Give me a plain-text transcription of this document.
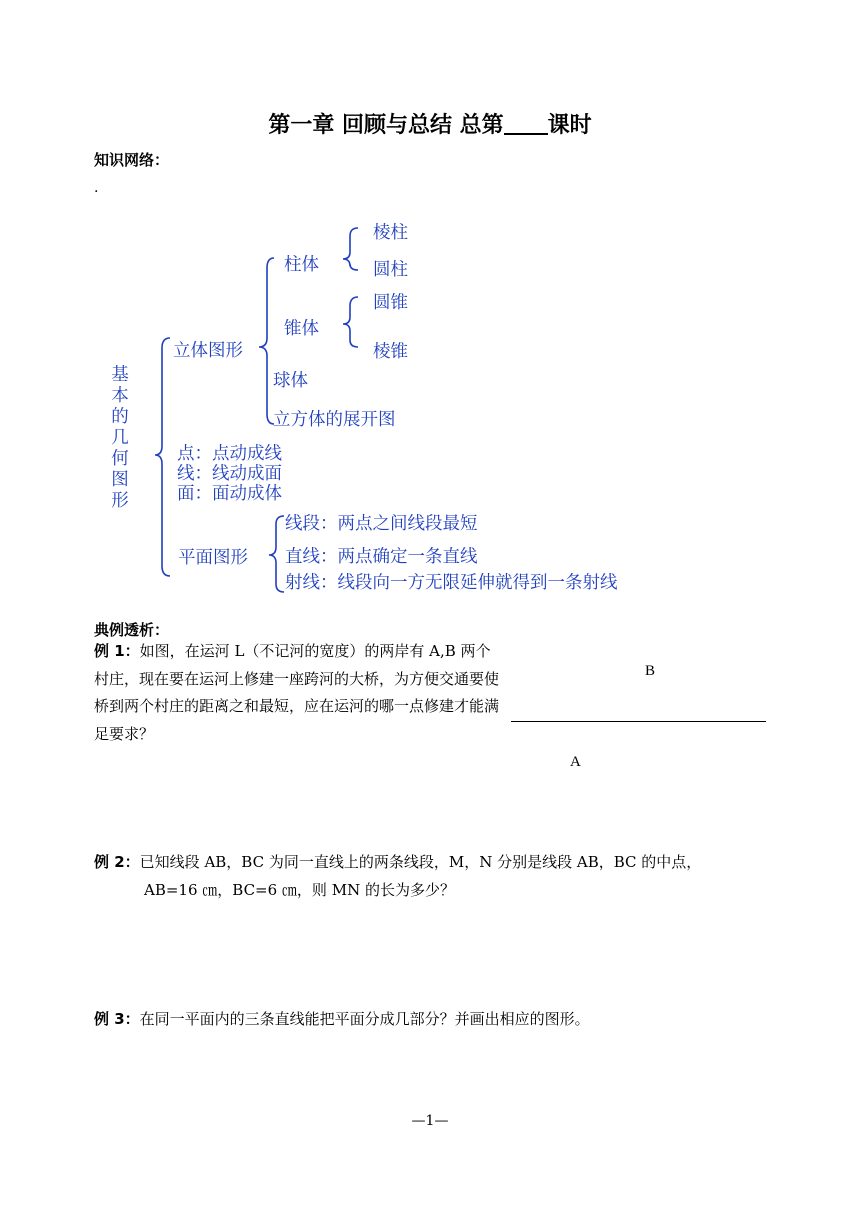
第一章 回顾与总结 总第 课时
知识网络：
.
基
本
的
几
何
图
形
立体图形
柱体
棱柱
圆柱
锥体
圆锥
棱锥
球体
立方体的展开图
点：点动成线
线：线动成面
面：面动成体
平面图形
线段：两点之间线段最短
直线：两点确定一条直线
射线：线段向一方无限延伸就得到一条射线
典例透析：
例 1：如图，在运河 L（不记河的宽度）的两岸有 A,B 两个村庄，现在要在运河上修建一座跨河的大桥，为方便交通要使桥到两个村庄的距离之和最短，应在运河的哪一点修建才能满足要求？
B
A
例 2：已知线段 AB，BC 为同一直线上的两条线段，M，N 分别是线段 AB，BC 的中点，
AB=16 ㎝，BC=6 ㎝，则 MN 的长为多少？
例 3：在同一平面内的三条直线能把平面分成几部分？并画出相应的图形。
—1—
